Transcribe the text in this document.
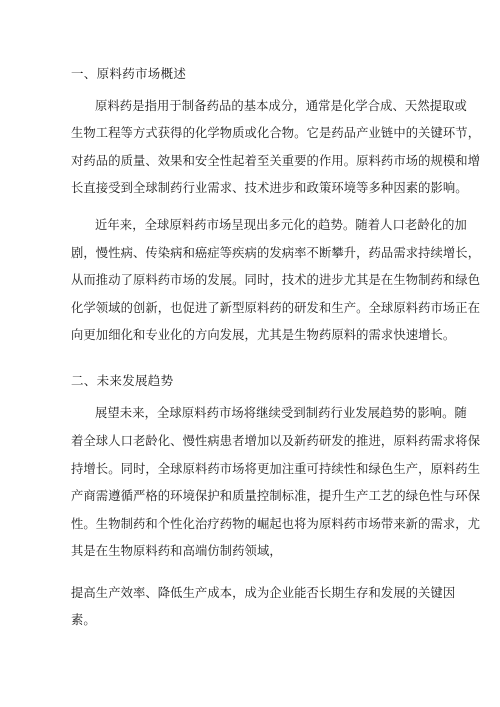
一、原料药市场概述
原料药是指用于制备药品的基本成分，通常是化学合成、天然提取或
生物工程等方式获得的化学物质或化合物。它是药品产业链中的关键环节，
对药品的质量、效果和安全性起着至关重要的作用。原料药市场的规模和增
长直接受到全球制药行业需求、技术进步和政策环境等多种因素的影响。
近年来，全球原料药市场呈现出多元化的趋势。随着人口老龄化的加
剧，慢性病、传染病和癌症等疾病的发病率不断攀升，药品需求持续增长，
从而推动了原料药市场的发展。同时，技术的进步尤其是在生物制药和绿色
化学领域的创新，也促进了新型原料药的研发和生产。全球原料药市场正在
向更加细化和专业化的方向发展，尤其是生物药原料的需求快速增长。
二、未来发展趋势
展望未来，全球原料药市场将继续受到制药行业发展趋势的影响。随
着全球人口老龄化、慢性病患者增加以及新药研发的推进，原料药需求将保
持增长。同时，全球原料药市场将更加注重可持续性和绿色生产，原料药生
产商需遵循严格的环境保护和质量控制标准，提升生产工艺的绿色性与环保
性。生物制药和个性化治疗药物的崛起也将为原料药市场带来新的需求，尤
其是在生物原料药和高端仿制药领域，
提高生产效率、降低生产成本，成为企业能否长期生存和发展的关键因
素。
